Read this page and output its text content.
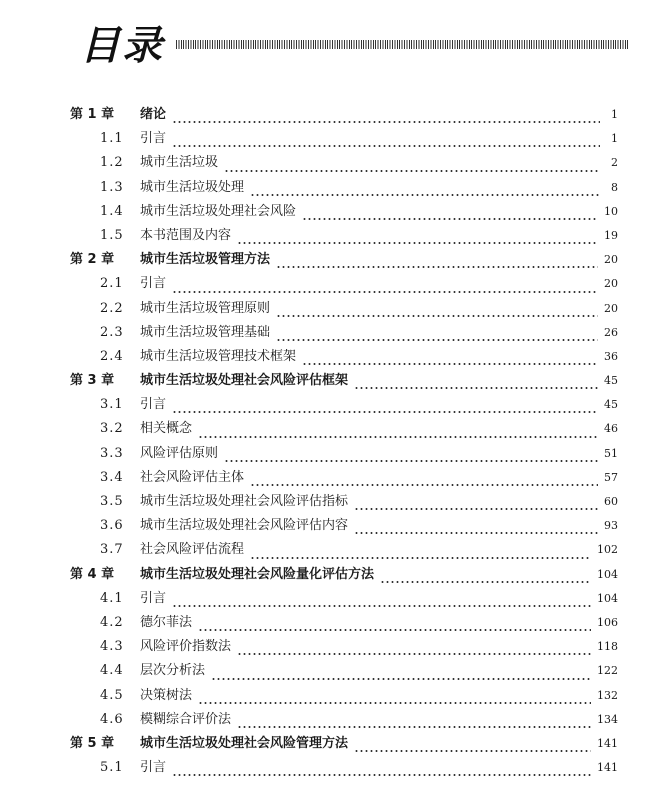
目录
第 1 章	绪论	1
1.1	引言	1
1.2	城市生活垃圾	2
1.3	城市生活垃圾处理	8
1.4	城市生活垃圾处理社会风险	10
1.5	本书范围及内容	19
第 2 章	城市生活垃圾管理方法	20
2.1	引言	20
2.2	城市生活垃圾管理原则	20
2.3	城市生活垃圾管理基础	26
2.4	城市生活垃圾管理技术框架	36
第 3 章	城市生活垃圾处理社会风险评估框架	45
3.1	引言	45
3.2	相关概念	46
3.3	风险评估原则	51
3.4	社会风险评估主体	57
3.5	城市生活垃圾处理社会风险评估指标	60
3.6	城市生活垃圾处理社会风险评估内容	93
3.7	社会风险评估流程	102
第 4 章	城市生活垃圾处理社会风险量化评估方法	104
4.1	引言	104
4.2	德尔菲法	106
4.3	风险评价指数法	118
4.4	层次分析法	122
4.5	决策树法	132
4.6	模糊综合评价法	134
第 5 章	城市生活垃圾处理社会风险管理方法	141
5.1	引言	141
